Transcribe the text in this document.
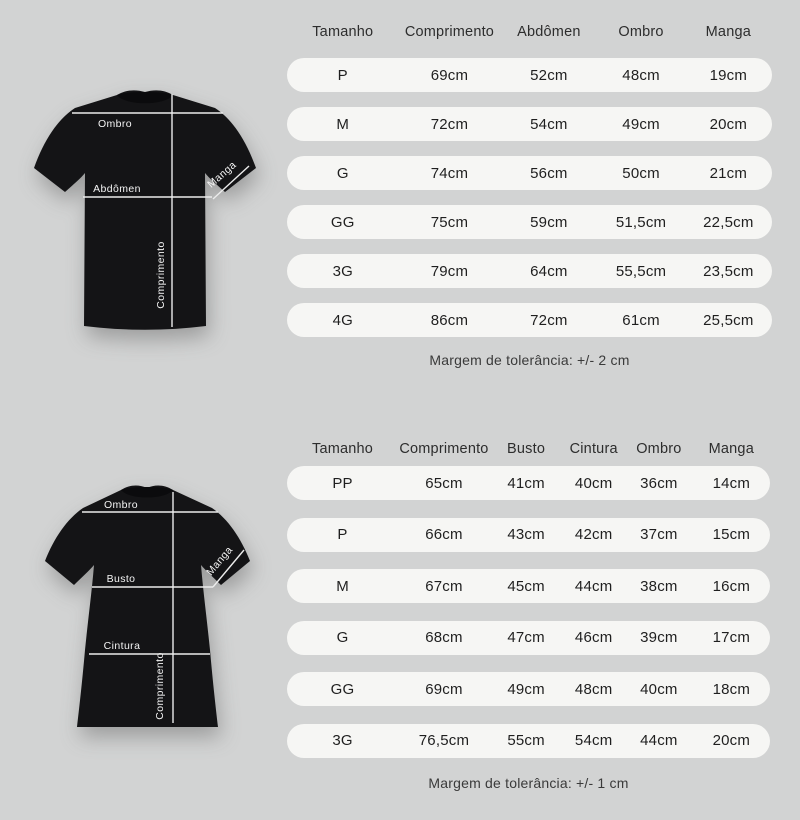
Ombro
Abdômen
Comprimento
Manga
Tamanho	Comprimento	Abdômen	Ombro	Manga
P	69cm	52cm	48cm	19cm
M	72cm	54cm	49cm	20cm
G	74cm	56cm	50cm	21cm
GG	75cm	59cm	51,5cm	22,5cm
3G	79cm	64cm	55,5cm	23,5cm
4G	86cm	72cm	61cm	25,5cm
Margem de tolerância: +/- 2 cm
Ombro
Busto
Cintura
Comprimento
Manga
Tamanho	Comprimento	Busto	Cintura	Ombro	Manga
PP	65cm	41cm	40cm	36cm	14cm
P	66cm	43cm	42cm	37cm	15cm
M	67cm	45cm	44cm	38cm	16cm
G	68cm	47cm	46cm	39cm	17cm
GG	69cm	49cm	48cm	40cm	18cm
3G	76,5cm	55cm	54cm	44cm	20cm
Margem de tolerância: +/- 1 cm
